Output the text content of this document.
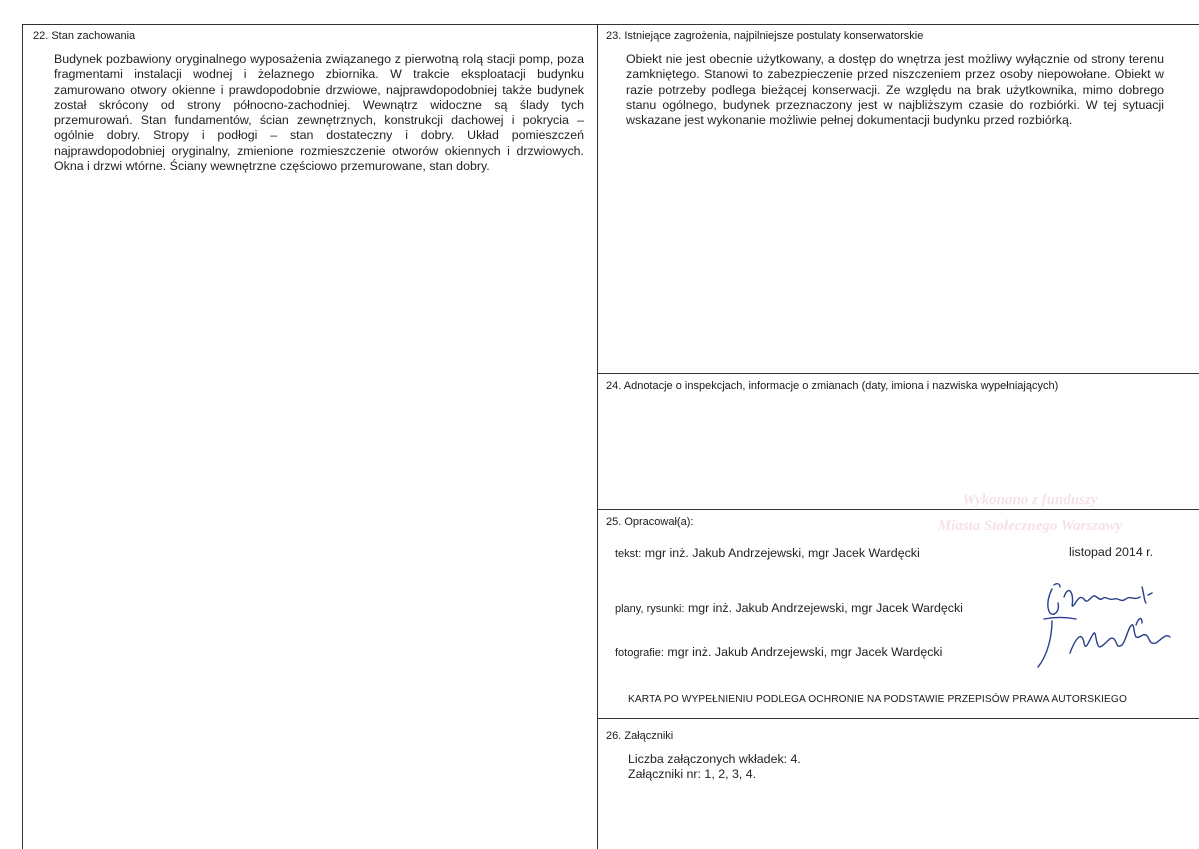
22. Stan zachowania
Budynek pozbawiony oryginalnego wyposażenia związanego z pierwotną rolą stacji pomp, poza fragmentami instalacji wodnej i żelaznego zbiornika. W trakcie eksploatacji budynku zamurowano otwory okienne i prawdopodobnie drzwiowe, najprawdopodobniej także budynek został skrócony od strony północno-zachodniej. Wewnątrz widoczne są ślady tych przemurowań. Stan fundamentów, ścian zewnętrznych, konstrukcji dachowej i pokrycia – ogólnie dobry. Stropy i podłogi – stan dostateczny i dobry. Układ pomieszczeń najprawdopodobniej oryginalny, zmienione rozmieszczenie otworów okiennych i drzwiowych. Okna i drzwi wtórne. Ściany wewnętrzne częściowo przemurowane, stan dobry.
23. Istniejące zagrożenia, najpilniejsze postulaty konserwatorskie
Obiekt nie jest obecnie użytkowany, a dostęp do wnętrza jest możliwy wyłącznie od strony terenu zamkniętego. Stanowi to zabezpieczenie przed niszczeniem przez osoby niepowołane. Obiekt w razie potrzeby podlega bieżącej konserwacji. Ze względu na brak użytkownika, mimo dobrego stanu ogólnego, budynek przeznaczony jest w najbliższym czasie do rozbiórki. W tej sytuacji wskazane jest wykonanie możliwie pełnej dokumentacji budynku przed rozbiórką.
24. Adnotacje o inspekcjach, informacje o zmianach (daty, imiona i nazwiska wypełniających)
Wykonano z funduszy
Miasta Stołecznego Warszawy
25. Opracował(a):
tekst: mgr inż. Jakub Andrzejewski, mgr Jacek Wardęcki	listopad 2014 r.
plany, rysunki: mgr inż. Jakub Andrzejewski, mgr Jacek Wardęcki
fotografie: mgr inż. Jakub Andrzejewski, mgr Jacek Wardęcki
KARTA PO WYPEŁNIENIU PODLEGA OCHRONIE NA PODSTAWIE PRZEPISÓW PRAWA AUTORSKIEGO
26. Załączniki
Liczba załączonych wkładek: 4.
Załączniki nr: 1, 2, 3, 4.
